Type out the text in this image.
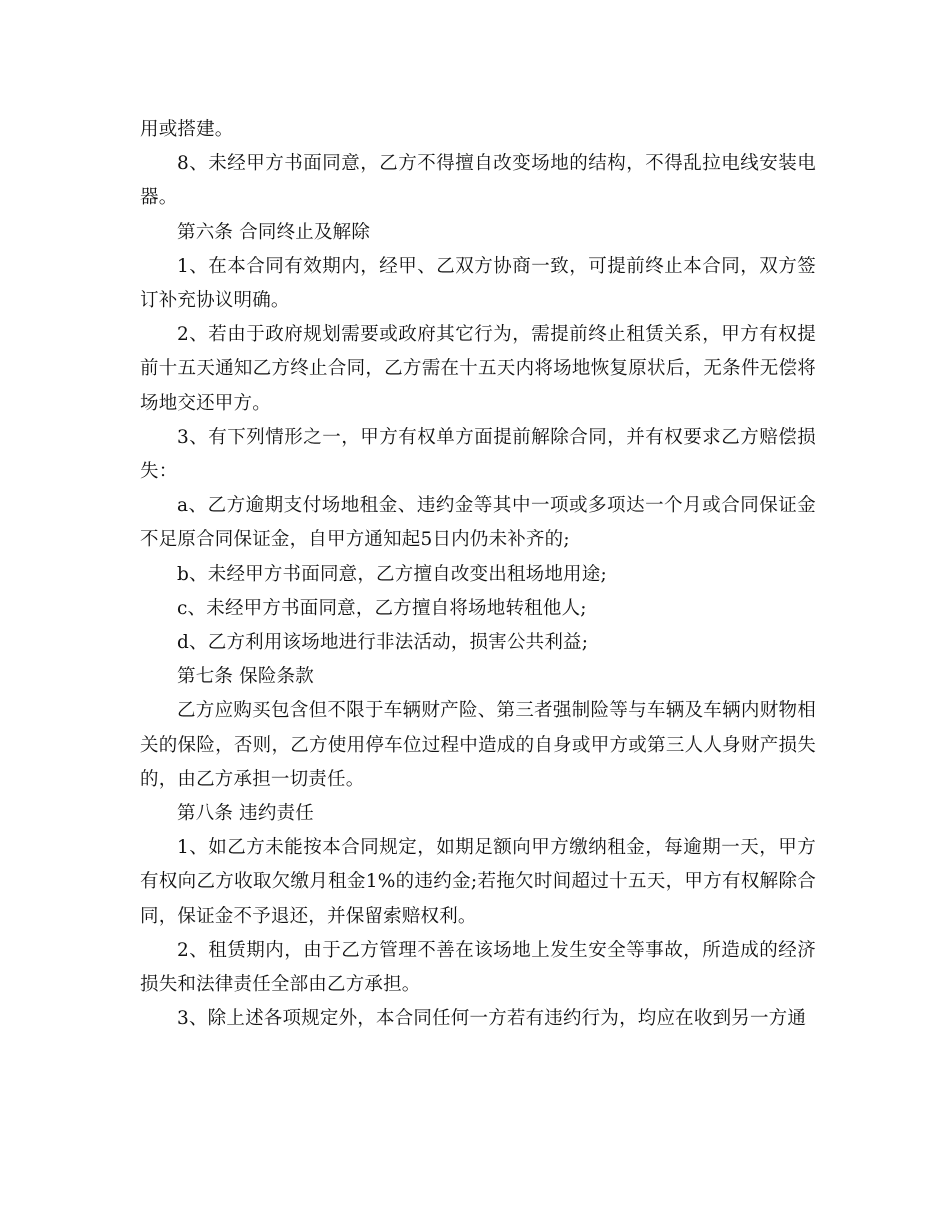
用或搭建。

8、未经甲方书面同意，乙方不得擅自改变场地的结构，不得乱拉电线安装电器。

第六条 合同终止及解除

1、在本合同有效期内，经甲、乙双方协商一致，可提前终止本合同，双方签订补充协议明确。

2、若由于政府规划需要或政府其它行为，需提前终止租赁关系，甲方有权提前十五天通知乙方终止合同，乙方需在十五天内将场地恢复原状后，无条件无偿将场地交还甲方。

3、有下列情形之一，甲方有权单方面提前解除合同，并有权要求乙方赔偿损失：

a、乙方逾期支付场地租金、违约金等其中一项或多项达一个月或合同保证金不足原合同保证金，自甲方通知起5日内仍未补齐的;

b、未经甲方书面同意，乙方擅自改变出租场地用途;

c、未经甲方书面同意，乙方擅自将场地转租他人;

d、乙方利用该场地进行非法活动，损害公共利益;

第七条 保险条款

乙方应购买包含但不限于车辆财产险、第三者强制险等与车辆及车辆内财物相关的保险，否则，乙方使用停车位过程中造成的自身或甲方或第三人人身财产损失的，由乙方承担一切责任。

第八条 违约责任

1、如乙方未能按本合同规定，如期足额向甲方缴纳租金，每逾期一天，甲方有权向乙方收取欠缴月租金1%的违约金;若拖欠时间超过十五天，甲方有权解除合同，保证金不予退还，并保留索赔权利。

2、租赁期内，由于乙方管理不善在该场地上发生安全等事故，所造成的经济损失和法律责任全部由乙方承担。

3、除上述各项规定外，本合同任何一方若有违约行为，均应在收到另一方通
